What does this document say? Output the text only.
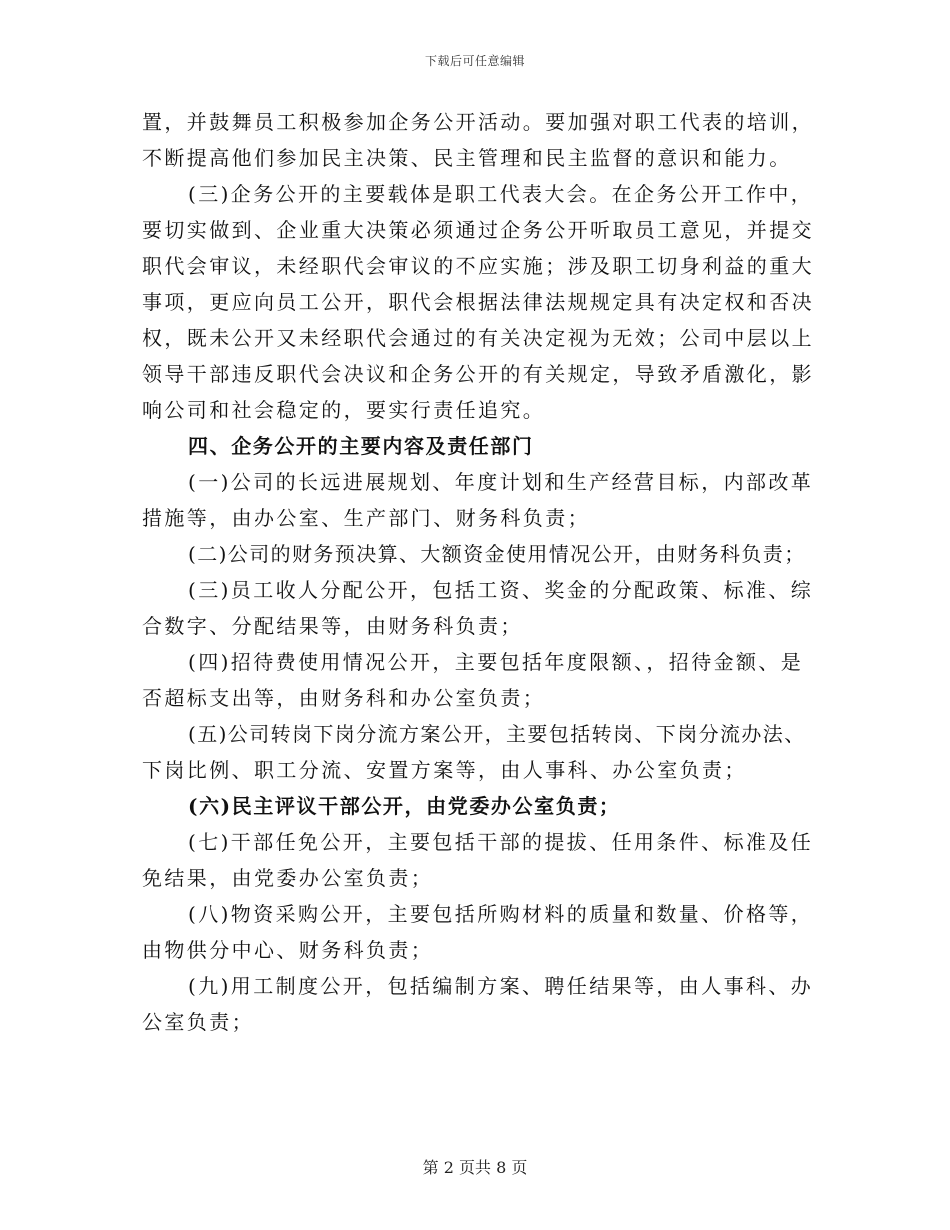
下载后可任意编辑
置，并鼓舞员工积极参加企务公开活动。要加强对职工代表的培训，
不断提高他们参加民主决策、民主管理和民主监督的意识和能力。
(三)企务公开的主要载体是职工代表大会。在企务公开工作中，
要切实做到、企业重大决策必须通过企务公开听取员工意见，并提交
职代会审议，未经职代会审议的不应实施；涉及职工切身利益的重大
事项，更应向员工公开，职代会根据法律法规规定具有决定权和否决
权，既未公开又未经职代会通过的有关决定视为无效；公司中层以上
领导干部违反职代会决议和企务公开的有关规定，导致矛盾激化，影
响公司和社会稳定的，要实行责任追究。
四、企务公开的主要内容及责任部门
(一)公司的长远进展规划、年度计划和生产经营目标，内部改革
措施等，由办公室、生产部门、财务科负责；
(二)公司的财务预决算、大额资金使用情况公开，由财务科负责；
(三)员工收人分配公开，包括工资、奖金的分配政策、标准、综
合数字、分配结果等，由财务科负责；
(四)招待费使用情况公开，主要包括年度限额、，招待金额、是
否超标支出等，由财务科和办公室负责；
(五)公司转岗下岗分流方案公开，主要包括转岗、下岗分流办法、
下岗比例、职工分流、安置方案等，由人事科、办公室负责；
(六)民主评议干部公开，由党委办公室负责；
(七)干部任免公开，主要包括干部的提拔、任用条件、标准及任
免结果，由党委办公室负责；
(八)物资采购公开，主要包括所购材料的质量和数量、价格等，
由物供分中心、财务科负责；
(九)用工制度公开，包括编制方案、聘任结果等，由人事科、办
公室负责；
第 2 页共 8 页
